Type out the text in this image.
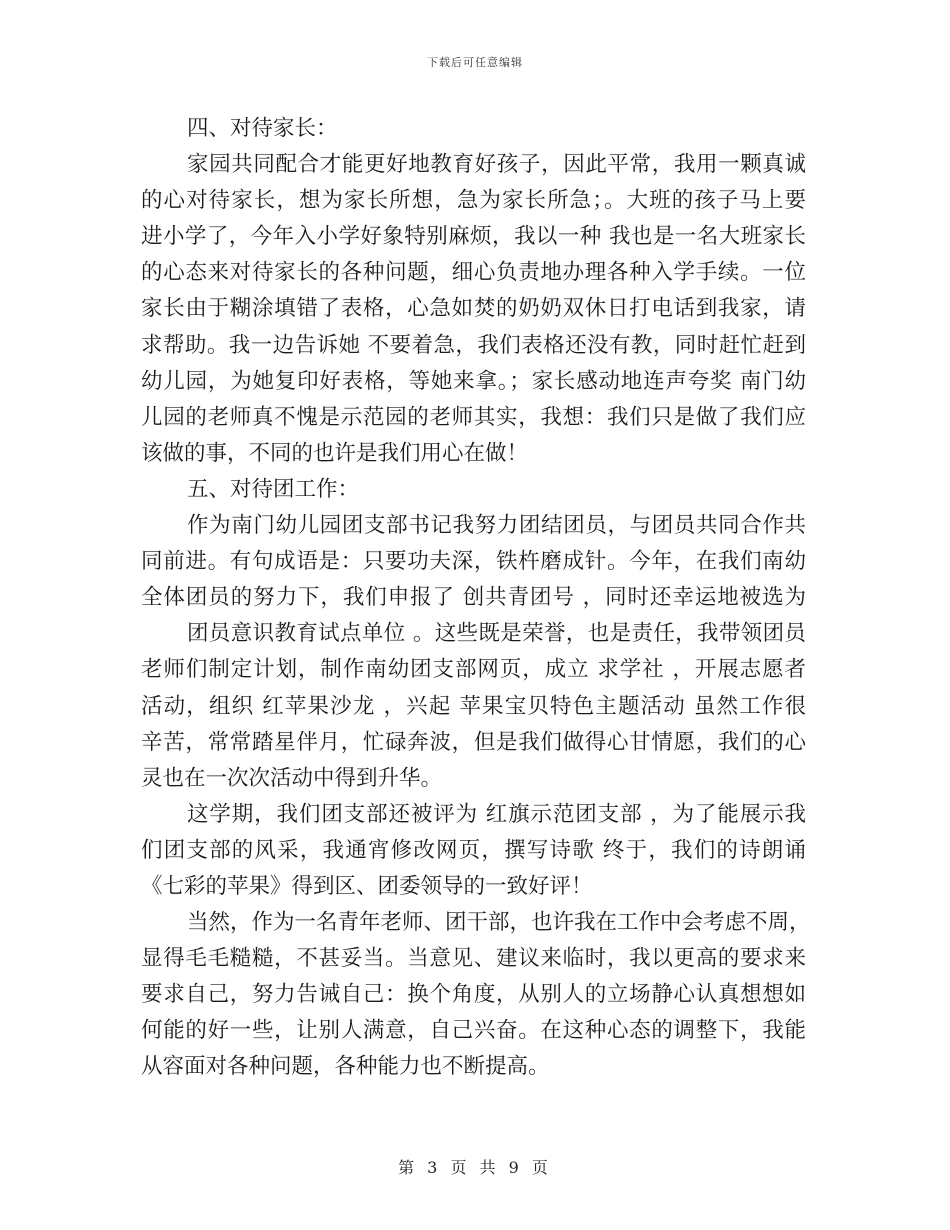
下载后可任意编辑
四、对待家长：
家园共同配合才能更好地教育好孩子，因此平常，我用一颗真诚
的心对待家长，想为家长所想，急为家长所急；。大班的孩子马上要
进小学了，今年入小学好象特别麻烦，我以一种 我也是一名大班家长
的心态来对待家长的各种问题，细心负责地办理各种入学手续。一位
家长由于糊涂填错了表格，心急如焚的奶奶双休日打电话到我家，请
求帮助。我一边告诉她 不要着急，我们表格还没有教，同时赶忙赶到
幼儿园，为她复印好表格，等她来拿。；家长感动地连声夸奖 南门幼
儿园的老师真不愧是示范园的老师其实，我想：我们只是做了我们应
该做的事，不同的也许是我们用心在做！
五、对待团工作：
作为南门幼儿园团支部书记我努力团结团员，与团员共同合作共
同前进。有句成语是：只要功夫深，铁杵磨成针。今年，在我们南幼
全体团员的努力下，我们申报了 创共青团号 ，同时还幸运地被选为
团员意识教育试点单位 。这些既是荣誉，也是责任，我带领团员
老师们制定计划，制作南幼团支部网页，成立 求学社 ，开展志愿者
活动，组织 红苹果沙龙 ，兴起 苹果宝贝特色主题活动 虽然工作很
辛苦，常常踏星伴月，忙碌奔波，但是我们做得心甘情愿，我们的心
灵也在一次次活动中得到升华。
这学期，我们团支部还被评为 红旗示范团支部 ，为了能展示我
们团支部的风采，我通宵修改网页，撰写诗歌 终于，我们的诗朗诵
《七彩的苹果》得到区、团委领导的一致好评！
当然，作为一名青年老师、团干部，也许我在工作中会考虑不周，
显得毛毛糙糙，不甚妥当。当意见、建议来临时，我以更高的要求来
要求自己，努力告诫自己：换个角度，从别人的立场静心认真想想如
何能的好一些，让别人满意，自己兴奋。在这种心态的调整下，我能
从容面对各种问题，各种能力也不断提高。
第 3 页 共 9 页
